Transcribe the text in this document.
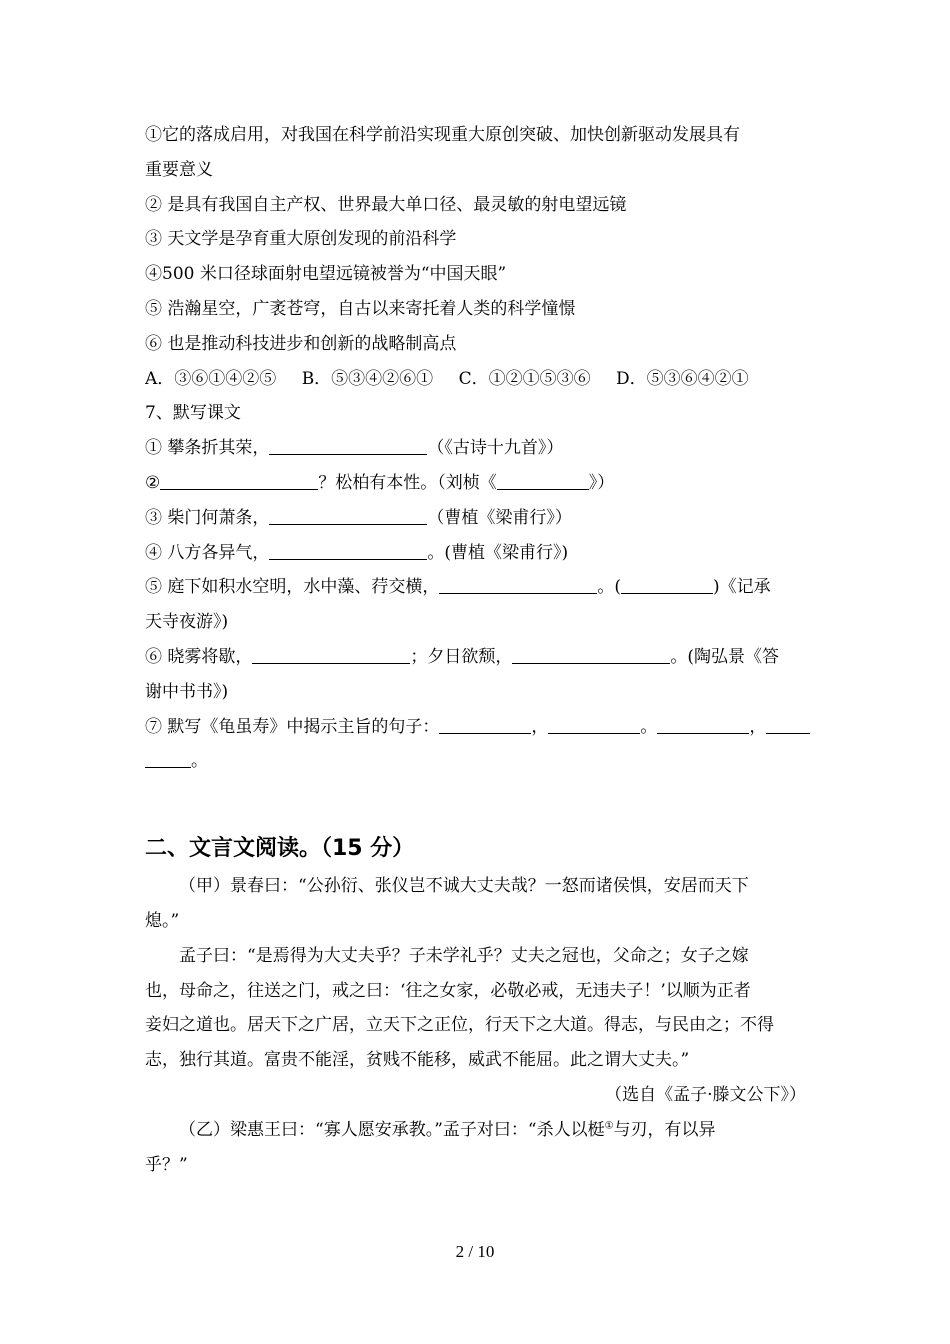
①它的落成启用，对我国在科学前沿实现重大原创突破、加快创新驱动发展具有
重要意义
② 是具有我国自主产权、世界最大单口径、最灵敏的射电望远镜
③ 天文学是孕育重大原创发现的前沿科学
④500 米口径球面射电望远镜被誉为“中国天眼”
⑤ 浩瀚星空，广袤苍穹，自古以来寄托着人类的科学憧憬
⑥ 也是推动科技进步和创新的战略制高点
A．③⑥①④②⑤ B．⑤③④②⑥① C．①②①⑤③⑥ D．⑤③⑥④②①
7、默写课文
① 攀条折其荣，	（《古诗十九首》）
②	？松柏有本性。（刘桢《	》）
③ 柴门何萧条，	（曹植《梁甫行》）
④ 八方各异气，	。(曹植《梁甫行》)
⑤ 庭下如积水空明，水中藻、荇交横，	。(	)《记承
天寺夜游》)
⑥ 晓雾将歇，	；夕日欲颓，	。(陶弘景《答
谢中书书》)
⑦ 默写《龟虽寿》中揭示主旨的句子：	，	。	，
。
二、文言文阅读。（15 分）
（甲）景春曰：“公孙衍、张仪岂不诚大丈夫哉？一怒而诸侯惧，安居而天下
熄。”
孟子曰：“是焉得为大丈夫乎？子未学礼乎？丈夫之冠也，父命之；女子之嫁
也，母命之，往送之门，戒之曰：‘往之女家，必敬必戒，无违夫子！’以顺为正者
妾妇之道也。居天下之广居，立天下之正位，行天下之大道。得志，与民由之；不得
志，独行其道。富贵不能淫，贫贱不能移，威武不能屈。此之谓大丈夫。”
（选自《孟子·滕文公下》）
（乙）梁惠王曰：“寡人愿安承教。”孟子对曰：“杀人以梃①与刃，有以异
乎？”
2 / 10
